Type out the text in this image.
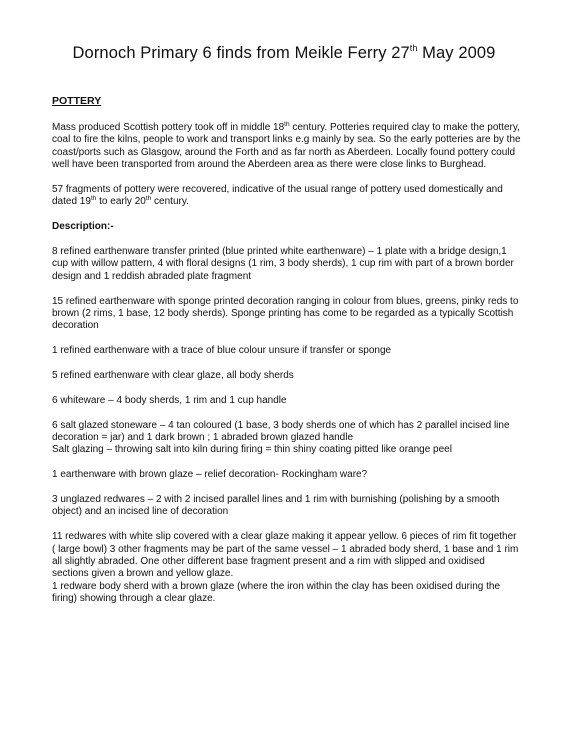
Dornoch Primary 6 finds from Meikle Ferry 27th May 2009
POTTERY

Mass produced Scottish pottery took off in middle 18th century. Potteries required clay to make the pottery, coal to fire the kilns, people to work and transport links e.g mainly by sea. So the early potteries are by the coast/ports such as Glasgow, around the Forth and as far north as Aberdeen. Locally found pottery could well have been transported from around the Aberdeen area as there were close links to Burghead.

57 fragments of pottery were recovered, indicative of the usual range of pottery used domestically and dated 19th to early 20th century.

Description:-

8 refined earthenware transfer printed (blue printed white earthenware) – 1 plate with a bridge design,1 cup with willow pattern, 4 with floral designs (1 rim, 3 body sherds), 1 cup rim with part of a brown border design and 1 reddish abraded plate fragment

15 refined earthenware with sponge printed decoration ranging in colour from blues, greens, pinky reds to brown (2 rims, 1 base, 12 body sherds). Sponge printing has come to be regarded as a typically Scottish decoration

1 refined earthenware with a trace of blue colour unsure if transfer or sponge

5 refined earthenware with clear glaze, all body sherds

6 whiteware – 4 body sherds, 1 rim and 1 cup handle

6 salt glazed stoneware – 4 tan coloured (1 base, 3 body sherds one of which has 2 parallel incised line decoration = jar) and 1 dark brown ; 1 abraded brown glazed handle

Salt glazing – throwing salt into kiln during firing = thin shiny coating pitted like orange peel

1 earthenware with brown glaze – relief decoration- Rockingham ware?

3 unglazed redwares – 2 with 2 incised parallel lines and 1 rim with burnishing (polishing by a smooth object) and an incised line of decoration

11 redwares with white slip covered with a clear glaze making it appear yellow. 6 pieces of rim fit together ( large bowl) 3 other fragments may be part of the same vessel – 1 abraded body sherd, 1 base and 1 rim all slightly abraded. One other different base fragment present and a rim with slipped and oxidised sections given a brown and yellow glaze.

1 redware body sherd with a brown glaze (where the iron within the clay has been oxidised during the firing) showing through a clear glaze.
